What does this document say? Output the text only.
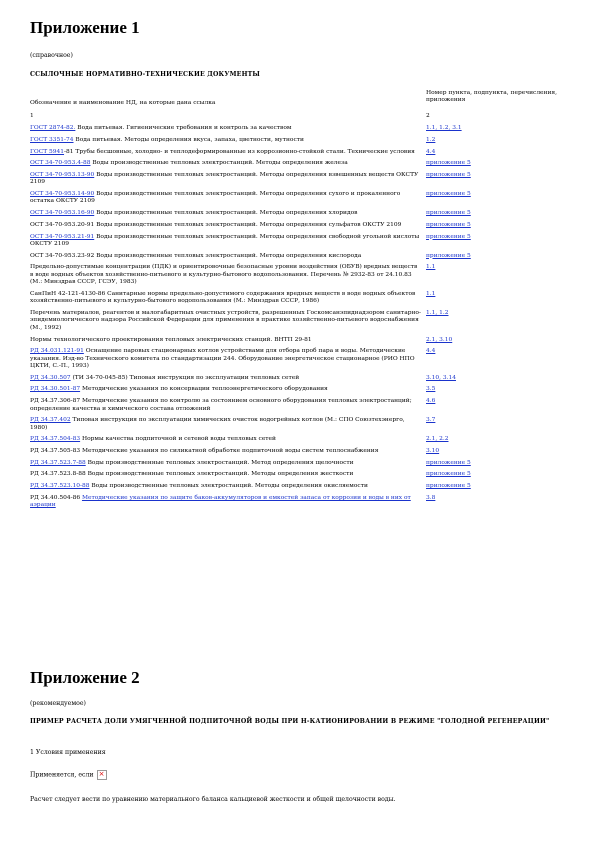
Приложение 1
(справочное)
ССЫЛОЧНЫЕ НОРМАТИВНО-ТЕХНИЧЕСКИЕ ДОКУМЕНТЫ
Обозначение и наименование НД, на которые дана ссылка	Номер пункта, подпункта, перечисления, приложения
1	2
ГОСТ 2874-82. Вода питьевая. Гигиенические требования и контроль за качеством	1.1, 1.2, 3.1
ГОСТ 3351-74 Вода питьевая. Методы определения вкуса, запаха, цветности, мутности	1.2
ГОСТ 5941-81 Трубы бесшовные, холодно- и теплодеформированные из коррозионно-стойкой стали. Технические условия	4.4
ОСТ 34-70-953.4-88 Воды производственные тепловых электростанций. Методы определения железа	приложение 5
ОСТ 34-70-953.13-90 Воды производственные тепловых электростанций. Методы определения взвешенных веществ ОКСТУ 2109	приложение 5
ОСТ 34-70-953.14-90 Воды производственные тепловых электростанций. Методы определения сухого и прокаленного остатка ОКСТУ 2109	приложение 5
ОСТ 34-70-953.16-90 Воды производственные тепловых электростанций. Методы определения хлоридов	приложение 5
ОСТ 34-70-953.20-91 Воды производственные тепловых электростанций. Методы определения сульфатов ОКСТУ 2109	приложение 5
ОСТ 34-70-953.21-91 Воды производственные тепловых электростанций. Методы определения свободной угольной кислоты ОКСТУ 2109	приложение 5
ОСТ 34-70-953.23-92 Воды производственные тепловых электростанций. Методы определения кислорода	приложение 5
Предельно-допустимые концентрации (ПДК) и ориентировочные безопасные уровни воздействия (ОБУВ) вредных веществ в воде водных объектов хозяйственно-питьевого и культурно-бытового водопользования. Перечень № 2932-83 от 24.10.83 (М.: Минздрав СССР, ГСЭУ, 1983)	1.1
СанПиН 42-121-4130-86 Санитарные нормы предельно-допустимого содержания вредных веществ в воде водных объектов хозяйственно-питьевого и культурно-бытового водопользования (М.: Минздрав СССР, 1986)	1.1
Перечень материалов, реагентов и малогабаритных очистных устройств, разрешенных Госкомсанэпиднадзором санитарно-эпидемиологического надзора Российской Федерации для применения в практике хозяйственно-питьевого водоснабжения (М., 1992)	1.1, 1.2
Нормы технологического проектирования тепловых электрических станций. ВНТП 29-81	2.1, 3.10
РД 34.031.121-91 Оснащение паровых стационарных котлов устройствами для отбора проб пара и воды. Методические указания. Изд-во Технического комитета по стандартизации 244. Оборудование энергетическое стационарное (РИО НПО ЦКТИ, С.-П., 1993)	4.4
РД 34.30.507 (ТИ 34-70-045-85) Типовая инструкция по эксплуатации тепловых сетей	3.10, 3.14
РД 34.30.501-87 Методические указания по консервации теплоэнергетического оборудования	3.5
РД 34.37.306-87 Методические указания по контролю за состоянием основного оборудования тепловых электростанций; определение качества и химического состава отложений	4.6
РД 34.37.402 Типовая инструкция по эксплуатации химических очисток водогрейных котлов (М.: СПО Союзтехэнерго, 1980)	3.7
РД 34.37.504-83 Нормы качества подпиточной и сетевой воды тепловых сетей	2.1, 2.2
РД 34.37.505-83 Методические указания по силикатной обработке подпиточной воды систем теплоснабжения	3.10
РД 34.37.523.7-88 Воды производственные тепловых электростанций. Метод определения щелочности	приложение 5
РД 34.37.523.8-88 Воды производственные тепловых электростанций. Методы определения жесткости	приложение 5
РД 34.37.523.10-88 Воды производственные тепловых электростанций. Методы определения окисляемости	приложение 5
РД 34.40.504-86 Методические указания по защите баков-аккумуляторов и емкостей запаса от коррозии и воды в них от аэрации	3.8
Приложение 2
(рекомендуемое)
ПРИМЕР РАСЧЕТА ДОЛИ УМЯГЧЕННОЙ ПОДПИТОЧНОЙ ВОДЫ ПРИ Н-КАТИОНИРОВАНИИ В РЕЖИМЕ "ГОЛОДНОЙ РЕГЕНЕРАЦИИ"
1 Условия применения
Применяется, если×
Расчет следует вести по уравнению материального баланса кальциевой жесткости и общей щелочности воды.
